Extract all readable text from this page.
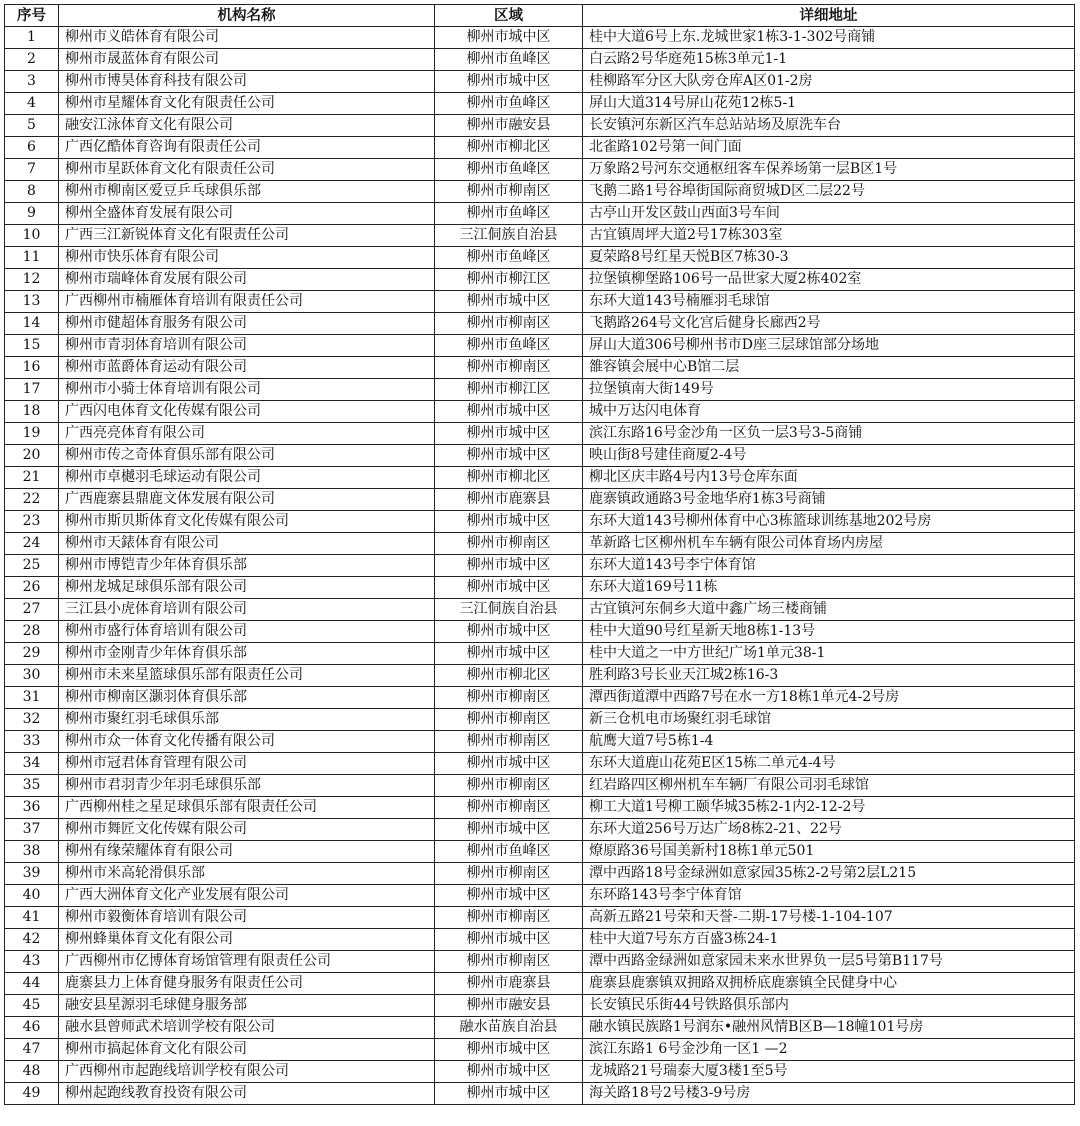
序号	机构名称	区域	详细地址
1	柳州市义皓体育有限公司	柳州市城中区	桂中大道6号上东.龙城世家1栋3-1-302号商铺
2	柳州市晟蓝体育有限公司	柳州市鱼峰区	白云路2号华庭苑15栋3单元1-1
3	柳州市博昊体育科技有限公司	柳州市城中区	桂柳路军分区大队旁仓库A区01-2房
4	柳州市星耀体育文化有限责任公司	柳州市鱼峰区	屏山大道314号屏山花苑12栋5-1
5	融安江泳体育文化有限公司	柳州市融安县	长安镇河东新区汽车总站站场及原洗车台
6	广西亿酷体育咨询有限责任公司	柳州市柳北区	北雀路102号第一间门面
7	柳州市星跃体育文化有限责任公司	柳州市鱼峰区	万象路2号河东交通枢纽客车保养场第一层B区1号
8	柳州市柳南区爱豆乒乓球俱乐部	柳州市柳南区	飞鹅二路1号谷埠街国际商贸城D区二层22号
9	柳州全盛体育发展有限公司	柳州市鱼峰区	古亭山开发区鼓山西面3号车间
10	广西三江新锐体育文化有限责任公司	三江侗族自治县	古宜镇周坪大道2号17栋303室
11	柳州市快乐体育有限公司	柳州市鱼峰区	夏荣路8号红星天悦B区7栋30-3
12	柳州市瑞峰体育发展有限公司	柳州市柳江区	拉堡镇柳堡路106号一品世家大厦2栋402室
13	广西柳州市楠雁体育培训有限责任公司	柳州市城中区	东环大道143号楠雁羽毛球馆
14	柳州市健超体育服务有限公司	柳州市柳南区	飞鹅路264号文化宫后健身长廊西2号
15	柳州市青羽体育培训有限公司	柳州市鱼峰区	屏山大道306号柳州书市D座三层球馆部分场地
16	柳州市蓝爵体育运动有限公司	柳州市柳南区	雒容镇会展中心B馆二层
17	柳州市小骑士体育培训有限公司	柳州市柳江区	拉堡镇南大街149号
18	广西闪电体育文化传媒有限公司	柳州市城中区	城中万达闪电体育
19	广西亮亮体育有限公司	柳州市城中区	滨江东路16号金沙角一区负一层3号3-5商铺
20	柳州市传之奇体育俱乐部有限公司	柳州市城中区	映山街8号建佳商厦2-4号
21	柳州市卓樾羽毛球运动有限公司	柳州市柳北区	柳北区庆丰路4号内13号仓库东面
22	广西鹿寨县鼎鹿文体发展有限公司	柳州市鹿寨县	鹿寨镇政通路3号金地华府1栋3号商铺
23	柳州市斯贝斯体育文化传媒有限公司	柳州市城中区	东环大道143号柳州体育中心3栋篮球训练基地202号房
24	柳州市天錶体育有限公司	柳州市柳南区	革新路七区柳州机车车辆有限公司体育场内房屋
25	柳州市博铠青少年体育俱乐部	柳州市城中区	东环大道143号李宁体育馆
26	柳州龙城足球俱乐部有限公司	柳州市城中区	东环大道169号11栋
27	三江县小虎体育培训有限公司	三江侗族自治县	古宜镇河东侗乡大道中鑫广场三楼商铺
28	柳州市盛行体育培训有限公司	柳州市城中区	桂中大道90号红星新天地8栋1-13号
29	柳州市金刚青少年体育俱乐部	柳州市城中区	桂中大道之一中方世纪广场1单元38-1
30	柳州市未来星篮球俱乐部有限责任公司	柳州市柳北区	胜利路3号长业天江城2栋16-3
31	柳州市柳南区灏羽体育俱乐部	柳州市柳南区	潭西街道潭中西路7号在水一方18栋1单元4-2号房
32	柳州市聚红羽毛球俱乐部	柳州市柳南区	新三仓机电市场聚红羽毛球馆
33	柳州市众一体育文化传播有限公司	柳州市柳南区	航鹰大道7号5栋1-4
34	柳州市冠君体育管理有限公司	柳州市城中区	东环大道鹿山花苑E区15栋二单元4-4号
35	柳州市君羽青少年羽毛球俱乐部	柳州市柳南区	红岩路四区柳州机车车辆厂有限公司羽毛球馆
36	广西柳州桂之星足球俱乐部有限责任公司	柳州市柳南区	柳工大道1号柳工颐华城35栋2-1内2-12-2号
37	柳州市舞匠文化传媒有限公司	柳州市城中区	东环大道256号万达广场8栋2-21、22号
38	柳州有缘荣耀体育有限公司	柳州市鱼峰区	燎原路36号国美新村18栋1单元501
39	柳州市米高轮滑俱乐部	柳州市柳南区	潭中西路18号金绿洲如意家园35栋2-2号第2层L215
40	广西大洲体育文化产业发展有限公司	柳州市城中区	东环路143号李宁体育馆
41	柳州市毅衡体育培训有限公司	柳州市柳南区	高新五路21号荣和天誉-二期-17号楼-1-104-107
42	柳州蜂巢体育文化有限公司	柳州市城中区	桂中大道7号东方百盛3栋24-1
43	广西柳州市亿博体育场馆管理有限责任公司	柳州市柳南区	潭中西路金绿洲如意家园未来水世界负一层5号第B117号
44	鹿寨县力上体育健身服务有限责任公司	柳州市鹿寨县	鹿寨县鹿寨镇双拥路双拥桥底鹿寨镇全民健身中心
45	融安县星源羽毛球健身服务部	柳州市融安县	长安镇民乐街44号铁路俱乐部内
46	融水县曾师武术培训学校有限公司	融水苗族自治县	融水镇民族路1号润东•融州风情B区B—18幢101号房
47	柳州市搞起体育文化有限公司	柳州市城中区	滨江东路1 6号金沙角一区1 —2
48	广西柳州市起跑线培训学校有限公司	柳州市城中区	龙城路21号瑞泰大厦3楼1至5号
49	柳州起跑线教育投资有限公司	柳州市城中区	海关路18号2号楼3-9号房
